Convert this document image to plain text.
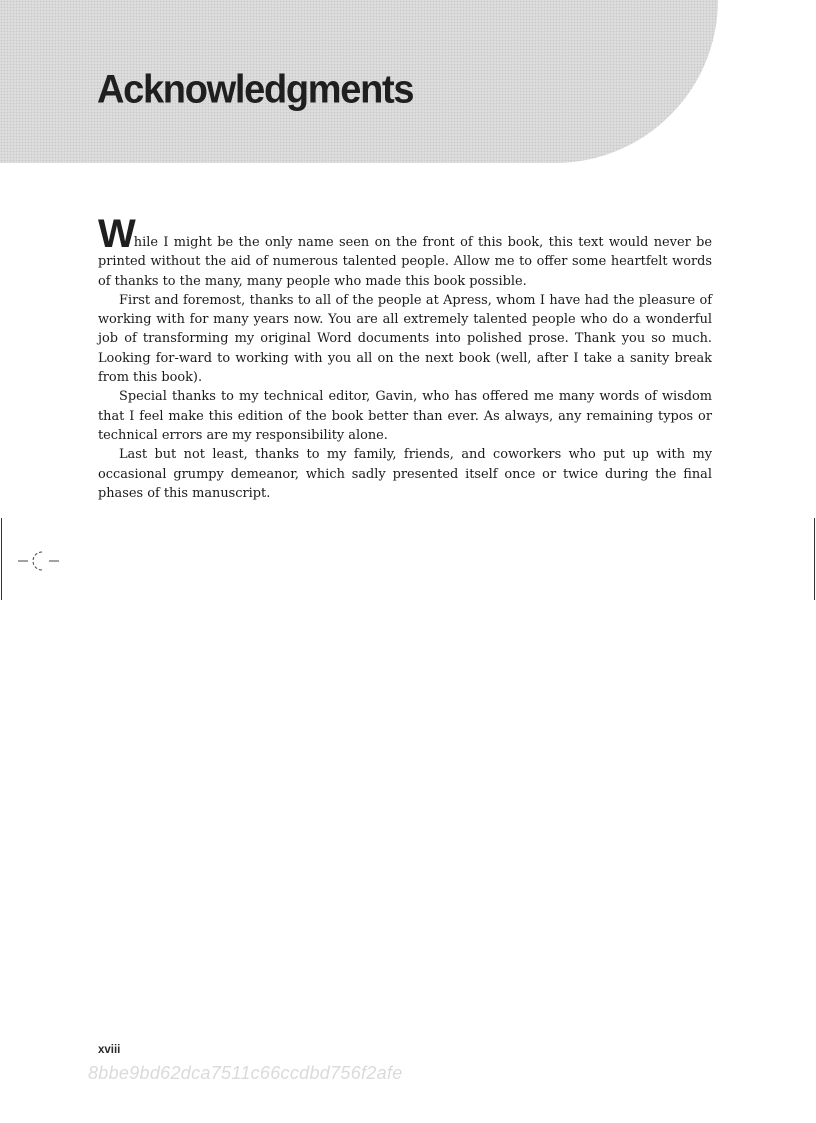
Acknowledgments

While I might be the only name seen on the front of this book, this text would never be printed without the aid of numerous talented people. Allow me to offer some heartfelt words of thanks to the many, many people who made this book possible.

First and foremost, thanks to all of the people at Apress, whom I have had the pleasure of working with for many years now. You are all extremely talented people who do a wonderful job of transforming my original Word documents into polished prose. Thank you so much. Looking for-ward to working with you all on the next book (well, after I take a sanity break from this book).

Special thanks to my technical editor, Gavin, who has offered me many words of wisdom that I feel make this edition of the book better than ever. As always, any remaining typos or technical errors are my responsibility alone.

Last but not least, thanks to my family, friends, and coworkers who put up with my occasional grumpy demeanor, which sadly presented itself once or twice during the final phases of this manuscript.

xviii
8bbe9bd62dca7511c66ccdbd756f2afe
